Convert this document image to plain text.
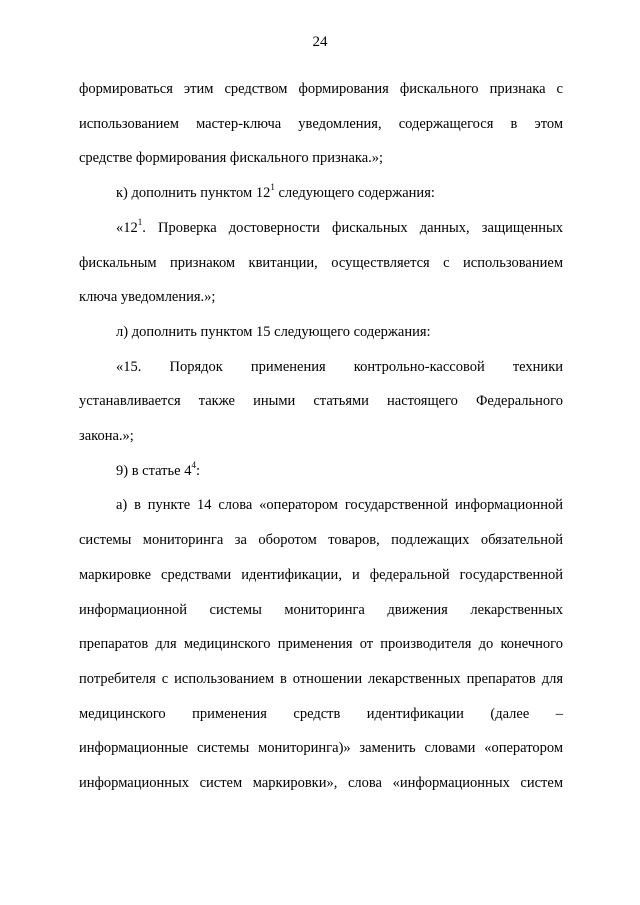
24
формироваться этим средством формирования фискального признака с
использованием мастер-ключа уведомления, содержащегося в этом
средстве формирования фискального признака.»;
к) дополнить пунктом $12^1$ следующего содержания:
«$12^1$. Проверка достоверности фискальных данных, защищенных
фискальным признаком квитанции, осуществляется с использованием
ключа уведомления.»;
л) дополнить пунктом 15 следующего содержания:
«15. Порядок применения контрольно-кассовой техники
устанавливается также иными статьями настоящего Федерального
закона.»;
9) в статье $4^4$:
а) в пункте 14 слова «оператором государственной информационной
системы мониторинга за оборотом товаров, подлежащих обязательной
маркировке средствами идентификации, и федеральной государственной
информационной системы мониторинга движения лекарственных
препаратов для медицинского применения от производителя до конечного
потребителя с использованием в отношении лекарственных препаратов для
медицинского применения средств идентификации (далее –
информационные системы мониторинга)» заменить словами «оператором
информационных систем маркировки», слова «информационных систем
